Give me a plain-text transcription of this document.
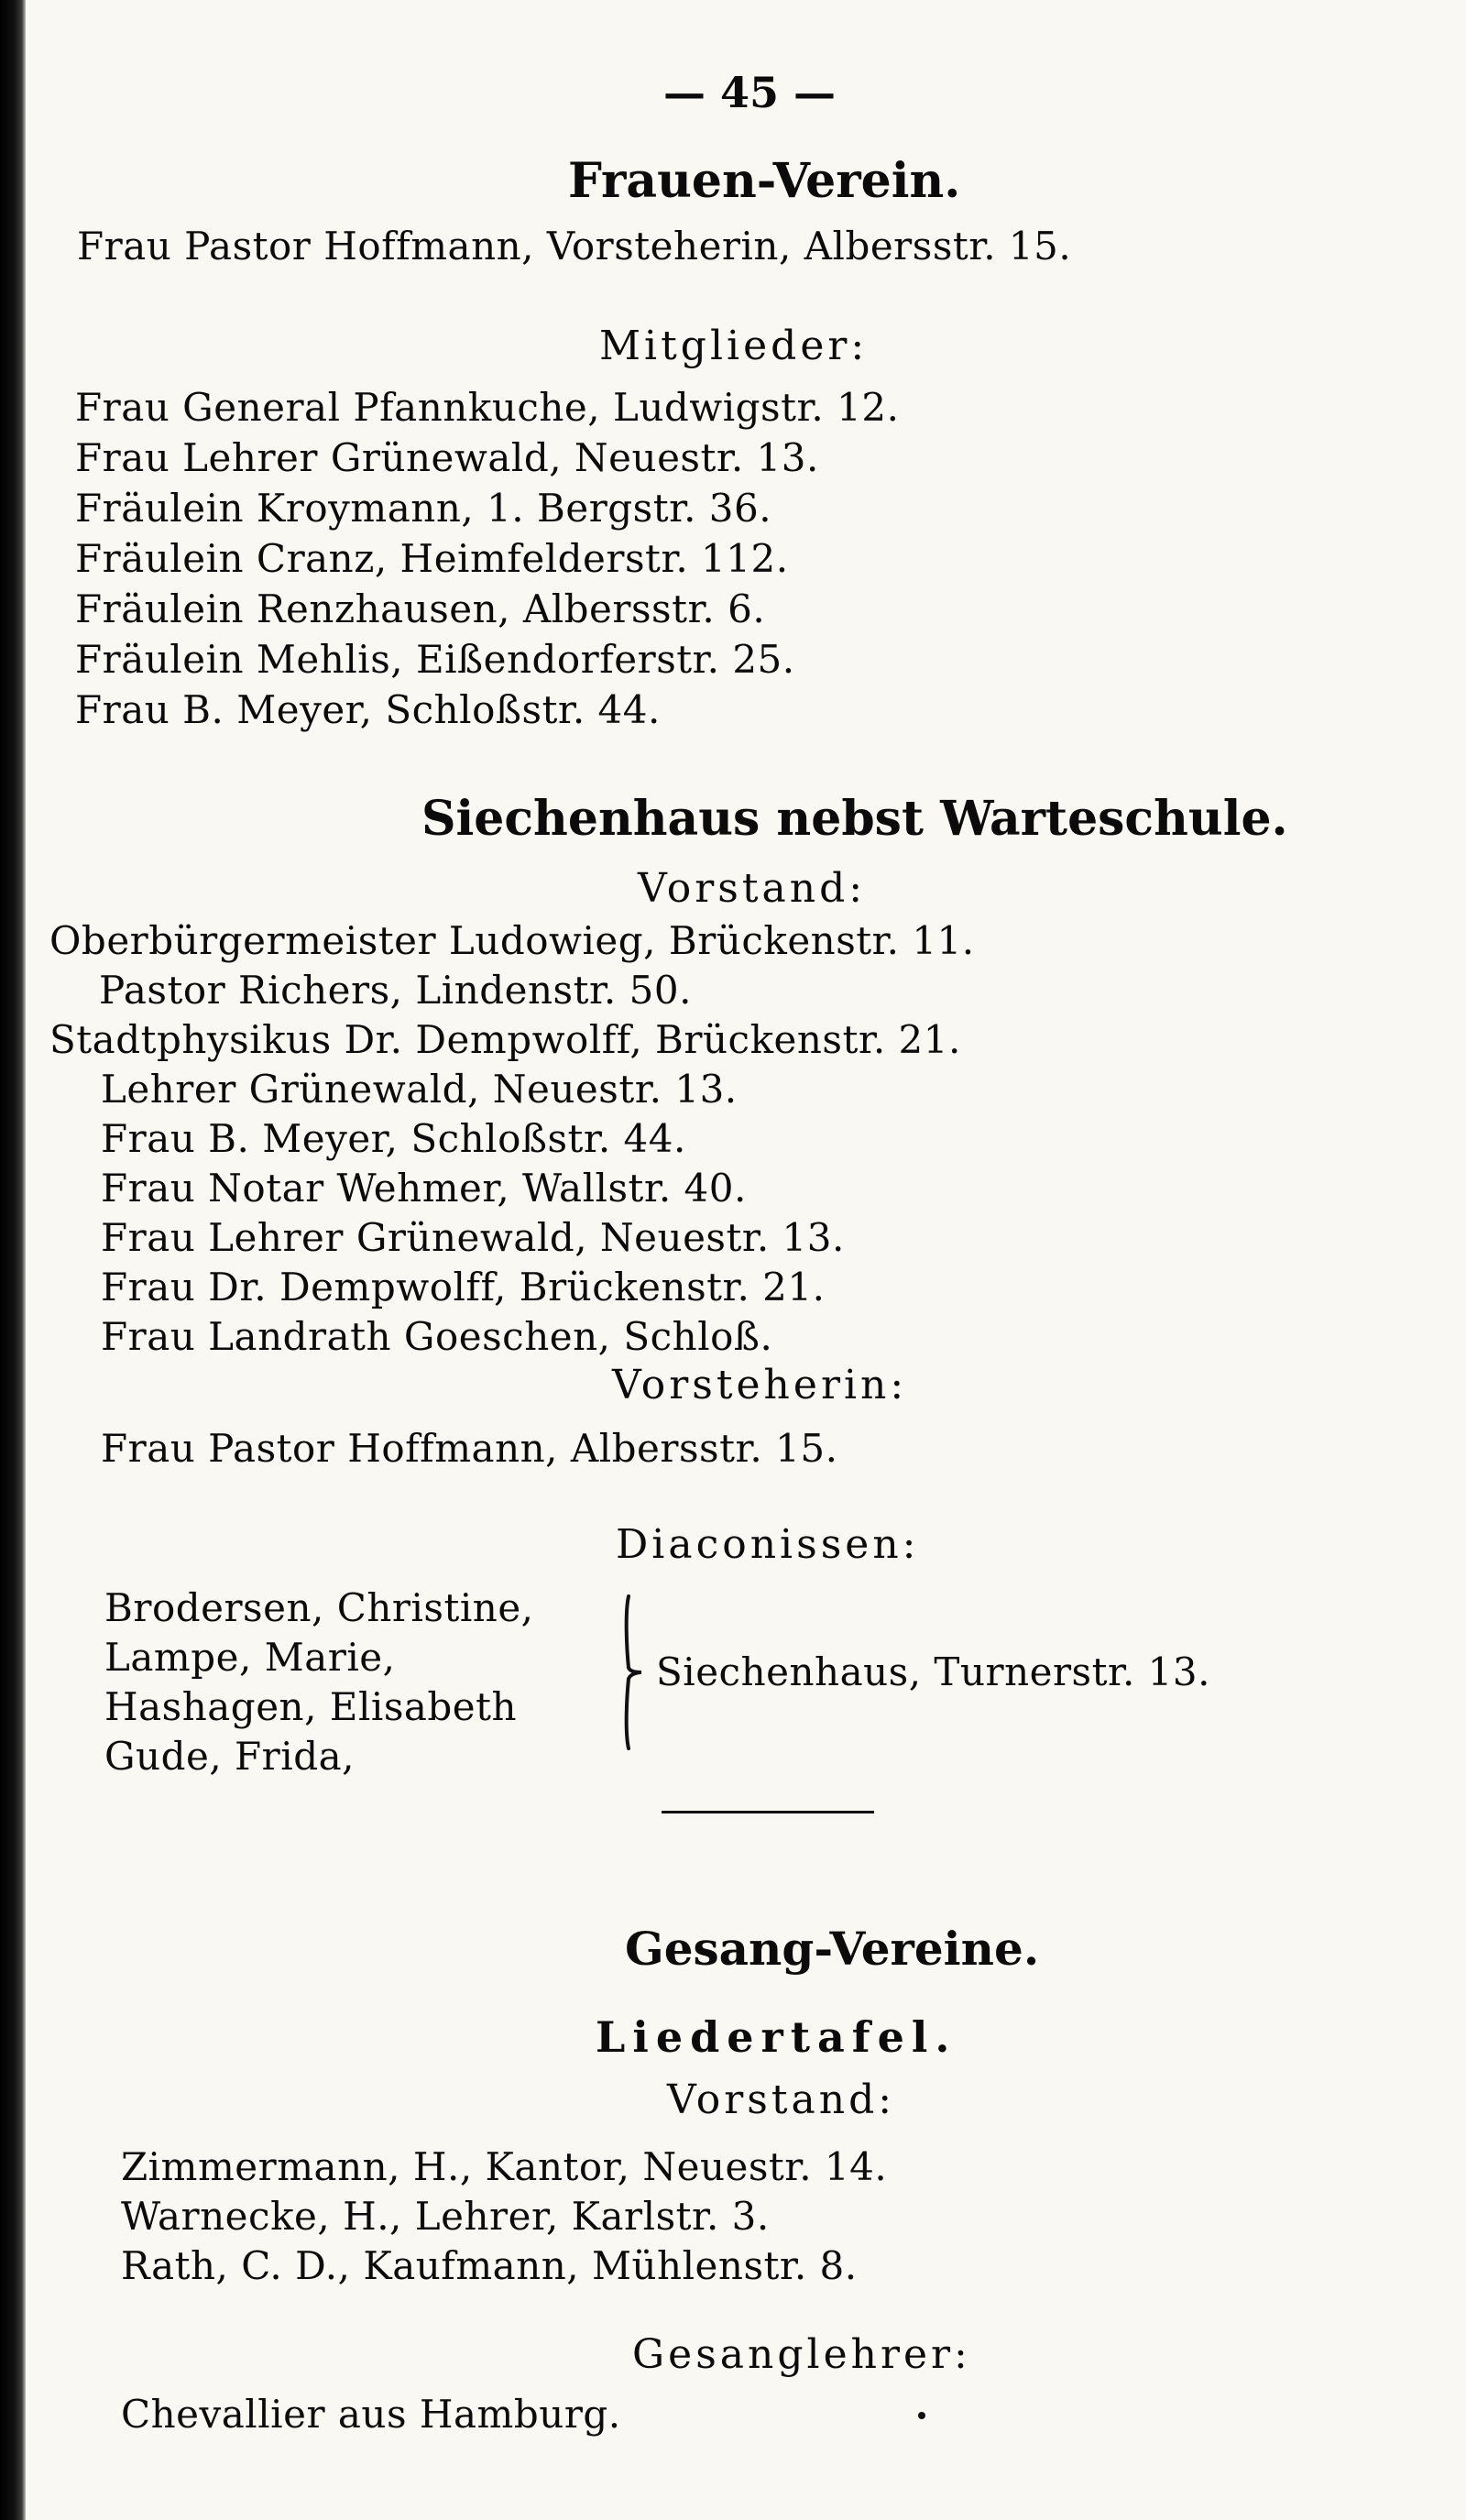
— 45 —
Frauen-Verein.
Frau Pastor Hoffmann, Vorsteherin, Albersstr. 15.
Mitglieder:
Frau General Pfannkuche, Ludwigstr. 12.
Frau Lehrer Grünewald, Neuestr. 13.
Fräulein Kroymann, 1. Bergstr. 36.
Fräulein Cranz, Heimfelderstr. 112.
Fräulein Renzhausen, Albersstr. 6.
Fräulein Mehlis, Eißendorferstr. 25.
Frau B. Meyer, Schloßstr. 44.
Siechenhaus nebst Warteschule.
Vorstand:
Oberbürgermeister Ludowieg, Brückenstr. 11.
Pastor Richers, Lindenstr. 50.
Stadtphysikus Dr. Dempwolff, Brückenstr. 21.
Lehrer Grünewald, Neuestr. 13.
Frau B. Meyer, Schloßstr. 44.
Frau Notar Wehmer, Wallstr. 40.
Frau Lehrer Grünewald, Neuestr. 13.
Frau Dr. Dempwolff, Brückenstr. 21.
Frau Landrath Goeschen, Schloß.
Vorsteherin:
Frau Pastor Hoffmann, Albersstr. 15.
Diaconissen:
Brodersen, Christine,
Lampe, Marie,
Hashagen, Elisabeth
Gude, Frida,
Siechenhaus, Turnerstr. 13.
Gesang-Vereine.
Liedertafel.
Vorstand:
Zimmermann, H., Kantor, Neuestr. 14.
Warnecke, H., Lehrer, Karlstr. 3.
Rath, C. D., Kaufmann, Mühlenstr. 8.
Gesanglehrer:
Chevallier aus Hamburg.
